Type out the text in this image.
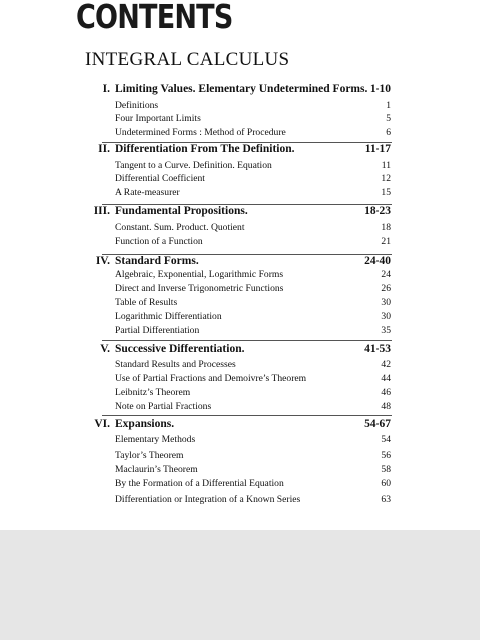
CONTENTS
INTEGRAL CALCULUS
I. Limiting Values. Elementary Undetermined Forms. 1-10
Definitions	1
Four Important Limits	5
Undetermined Forms : Method of Procedure	6
II. Differentiation From The Definition.	11-17
Tangent to a Curve. Definition. Equation	11
Differential Coefficient	12
A Rate-measurer	15
III. Fundamental Propositions.	18-23
Constant. Sum. Product. Quotient	18
Function of a Function	21
IV. Standard Forms.	24-40
Algebraic, Exponential, Logarithmic Forms	24
Direct and Inverse Trigonometric Functions	26
Table of Results	30
Logarithmic Differentiation	30
Partial Differentiation	35
V. Successive Differentiation.	41-53
Standard Results and Processes	42
Use of Partial Fractions and Demoivre’s Theorem	44
Leibnitz’s Theorem	46
Note on Partial Fractions	48
VI. Expansions.	54-67
Elementary Methods	54
Taylor’s Theorem	56
Maclaurin’s Theorem	58
By the Formation of a Differential Equation	60
Differentiation or Integration of a Known Series	63
